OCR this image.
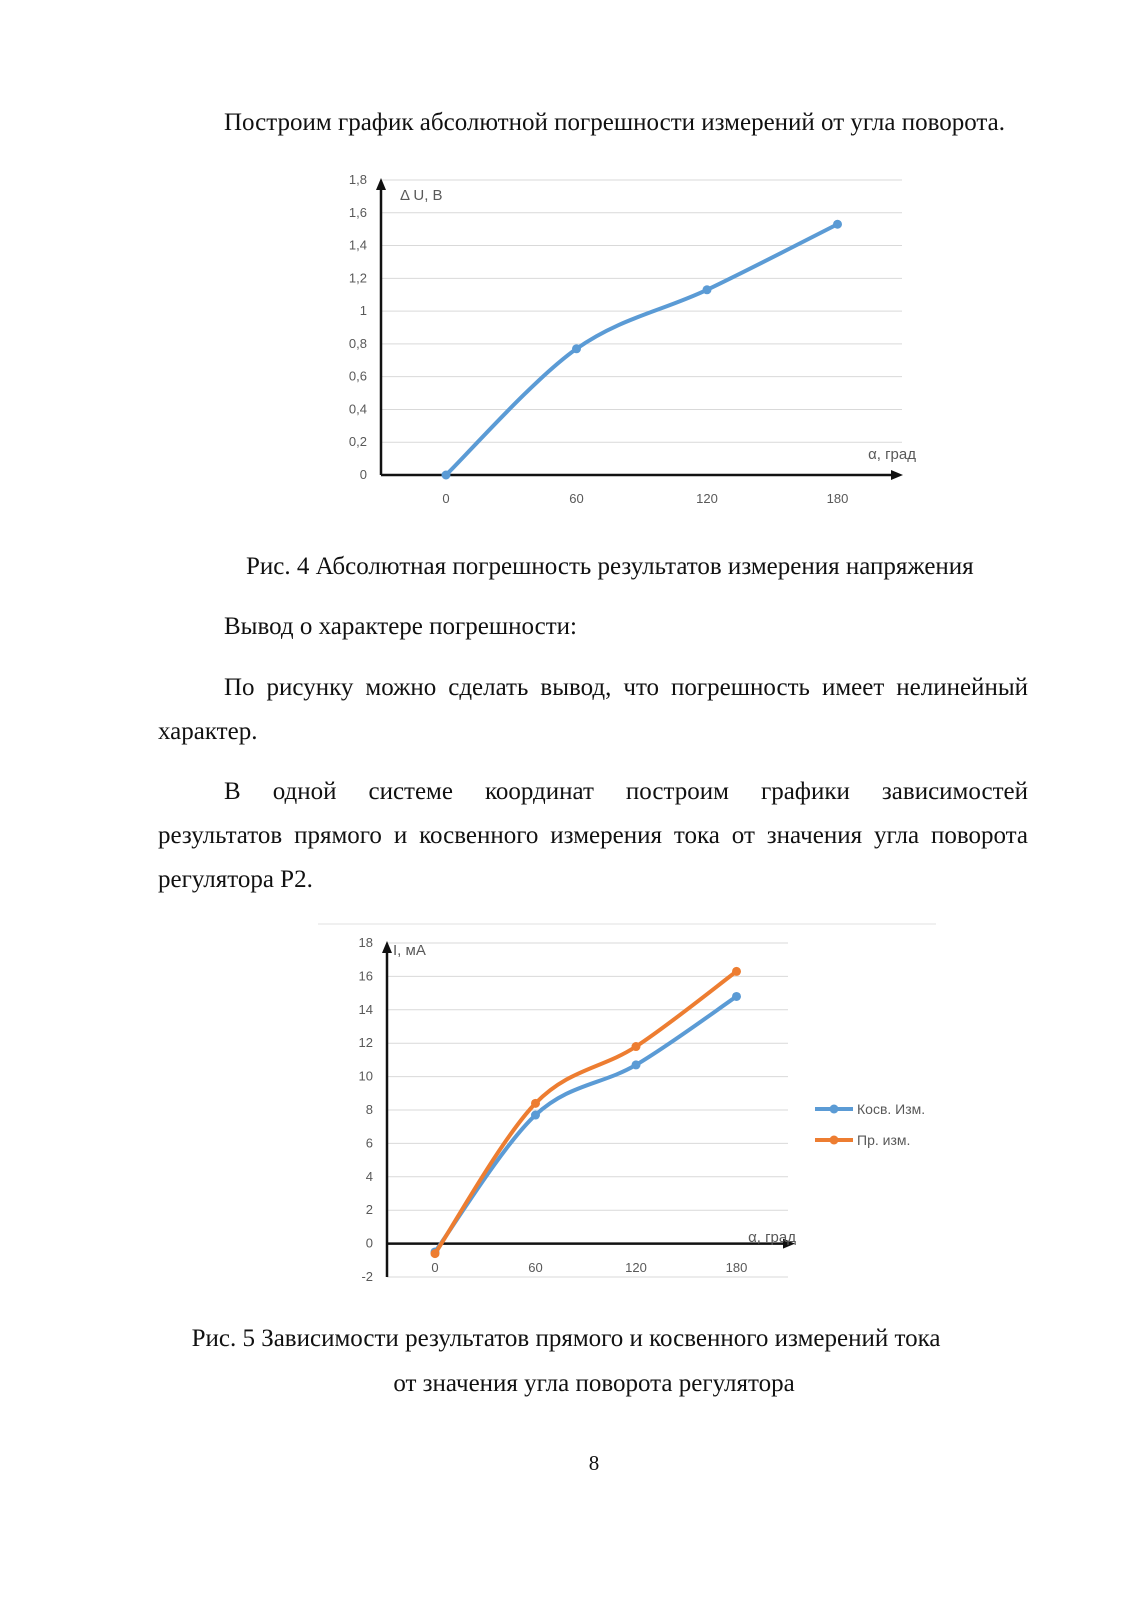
Построим график абсолютной погрешности измерений от угла поворота.
0
0,2
0,4
0,6
0,8
1
1,2
1,4
1,6
1,8
Δ U, В
α, град
0	60	120	180
Рис. 4 Абсолютная погрешность результатов измерения напряжения
Вывод о характере погрешности:
По рисунку можно сделать вывод, что погрешность имеет нелинейный
характер.
В одной системе координат построим графики зависимостей
результатов прямого и косвенного измерения тока от значения угла поворота
регулятора Р2.
-2
0
2
4
6
8
10
12
14
16
18 I, мА
α, град
0	60	120	180
Косв. Изм.
Пр. изм.
Рис. 5 Зависимости результатов прямого и косвенного измерений тока
от значения угла поворота регулятора
8
